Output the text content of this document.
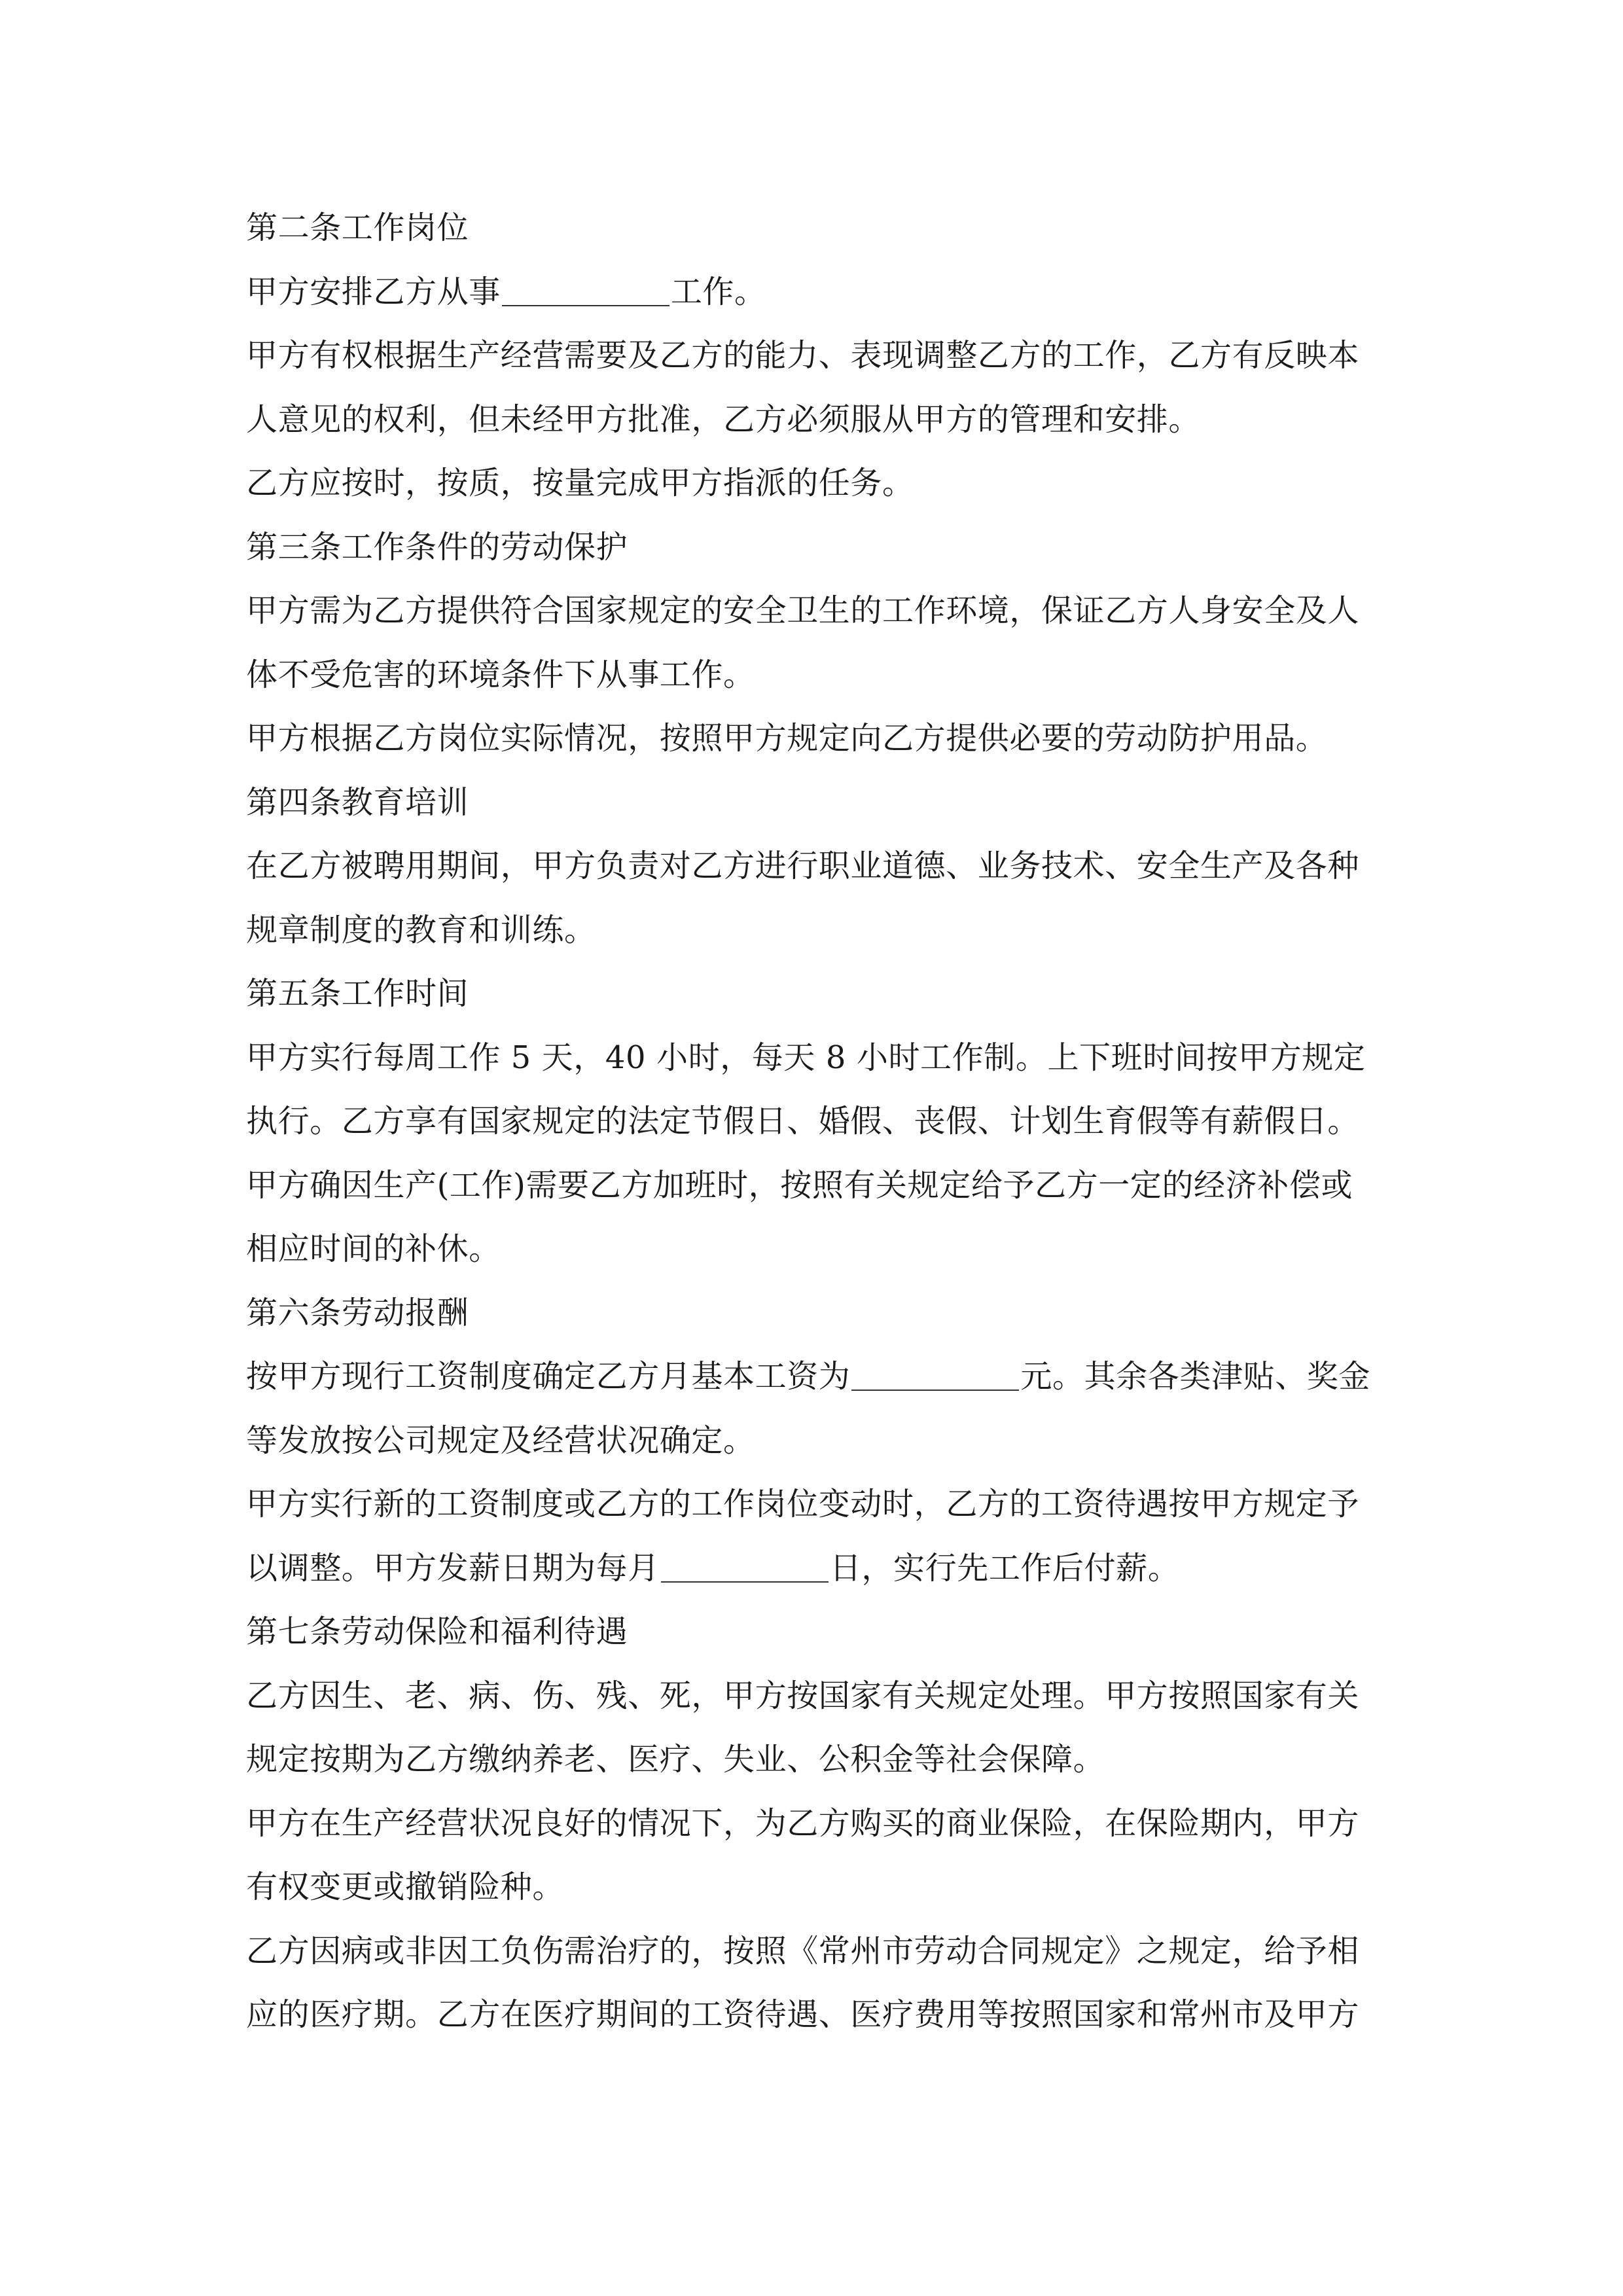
第二条工作岗位
甲方安排乙方从事	工作。
甲方有权根据生产经营需要及乙方的能力、表现调整乙方的工作，乙方有反映本
人意见的权利，但未经甲方批准，乙方必须服从甲方的管理和安排。
乙方应按时，按质，按量完成甲方指派的任务。
第三条工作条件的劳动保护
甲方需为乙方提供符合国家规定的安全卫生的工作环境，保证乙方人身安全及人
体不受危害的环境条件下从事工作。
甲方根据乙方岗位实际情况，按照甲方规定向乙方提供必要的劳动防护用品。
第四条教育培训
在乙方被聘用期间，甲方负责对乙方进行职业道德、业务技术、安全生产及各种
规章制度的教育和训练。
第五条工作时间
甲方实行每周工作 5 天，40 小时，每天 8 小时工作制。上下班时间按甲方规定
执行。乙方享有国家规定的法定节假日、婚假、丧假、计划生育假等有薪假日。
甲方确因生产(工作)需要乙方加班时，按照有关规定给予乙方一定的经济补偿或
相应时间的补休。
第六条劳动报酬
按甲方现行工资制度确定乙方月基本工资为	元。其余各类津贴、奖金
等发放按公司规定及经营状况确定。
甲方实行新的工资制度或乙方的工作岗位变动时，乙方的工资待遇按甲方规定予
以调整。甲方发薪日期为每月	日，实行先工作后付薪。
第七条劳动保险和福利待遇
乙方因生、老、病、伤、残、死，甲方按国家有关规定处理。甲方按照国家有关
规定按期为乙方缴纳养老、医疗、失业、公积金等社会保障。
甲方在生产经营状况良好的情况下，为乙方购买的商业保险，在保险期内，甲方
有权变更或撤销险种。
乙方因病或非因工负伤需治疗的，按照《常州市劳动合同规定》之规定，给予相
应的医疗期。乙方在医疗期间的工资待遇、医疗费用等按照国家和常州市及甲方
